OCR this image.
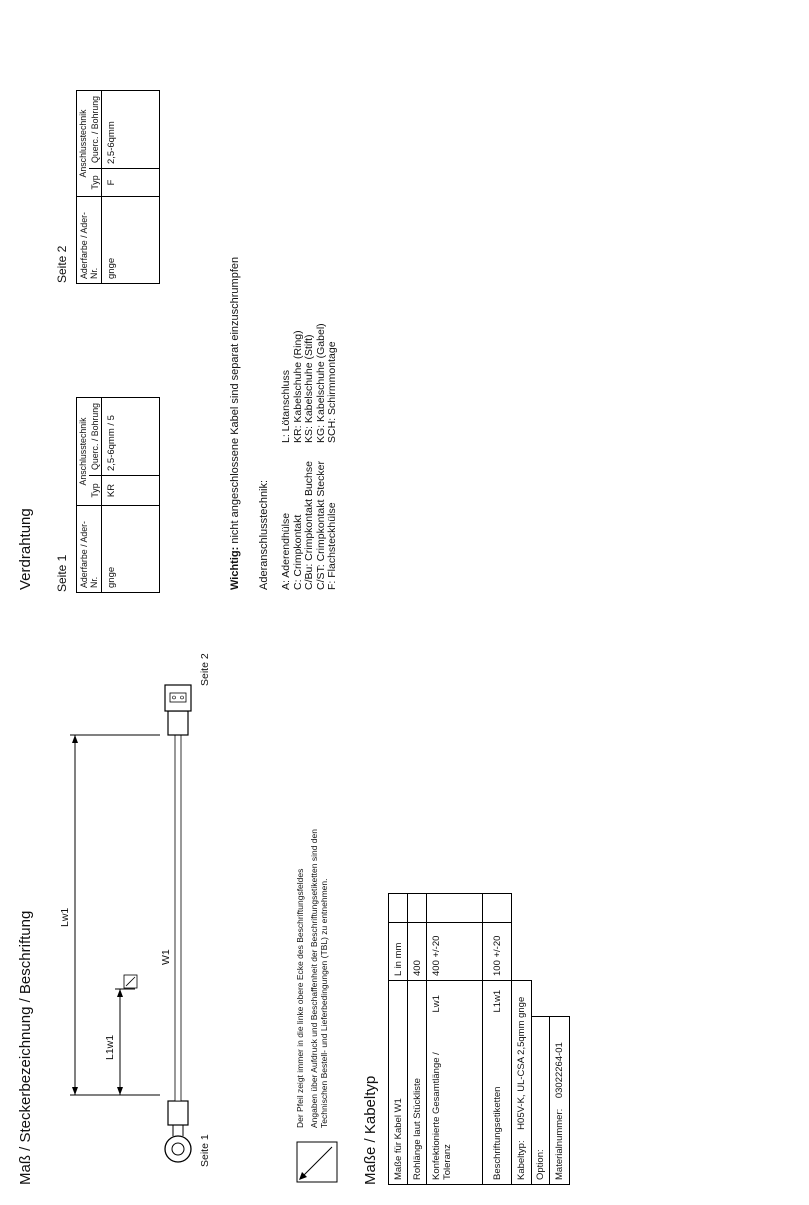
Maß / Steckerbezeichnung / Beschriftung Lw1
L1w1
W1
Seite 1
Seite 2
Der Pfeil zeigt immer in die linke obere Ecke des Beschriftungsfeldes Angaben über Aufdruck und Beschaffenheit der Beschriftungsetiketten sind den Technischen Bestell- und Lieferbedingungen (TBL) zu entnehmen.
Maße / Kabeltyp Maße für Kabel W1		L in mm	
Rohlänge laut Stückliste		400	
Konfektionierte Gesamtlänge / Toleranz	Lw1	400 +/-20	
Beschriftungsetiketten	L1w1	100 +/-20	
Kabeltyp:    H05V-K, UL-CSA 2,5qmm gnge			
Option:			
Materialnummer:    03022264-01			
Verdrahtung Seite 1 Aderfarbe / Ader-Nr.	Anschlusstechnik	
	Typ	Querс. / Bohrung
gnge	KR	2,5-6qmm / 5
Seite 2 Aderfarbe / Ader-Nr.	Anschlusstechnik	
	Typ	Querс. / Bohrung
gnge	F	2,5-6qmm
Wichtig: nicht angeschlossene Kabel sind separat einzuschrumpfen Aderanschlusstechnik: A: Aderendhülse C: Crimpkontakt C/Bu: Crimpkontakt Buchse C/ST: Crimpkontakt Stecker F: Flachsteckhülse
L: Lötanschluss KR: Kabelschuhe (Ring) KS: Kabelschuhe (Stift) KG: Kabelschuhe (Gabel) SCH: Schirmmontage
